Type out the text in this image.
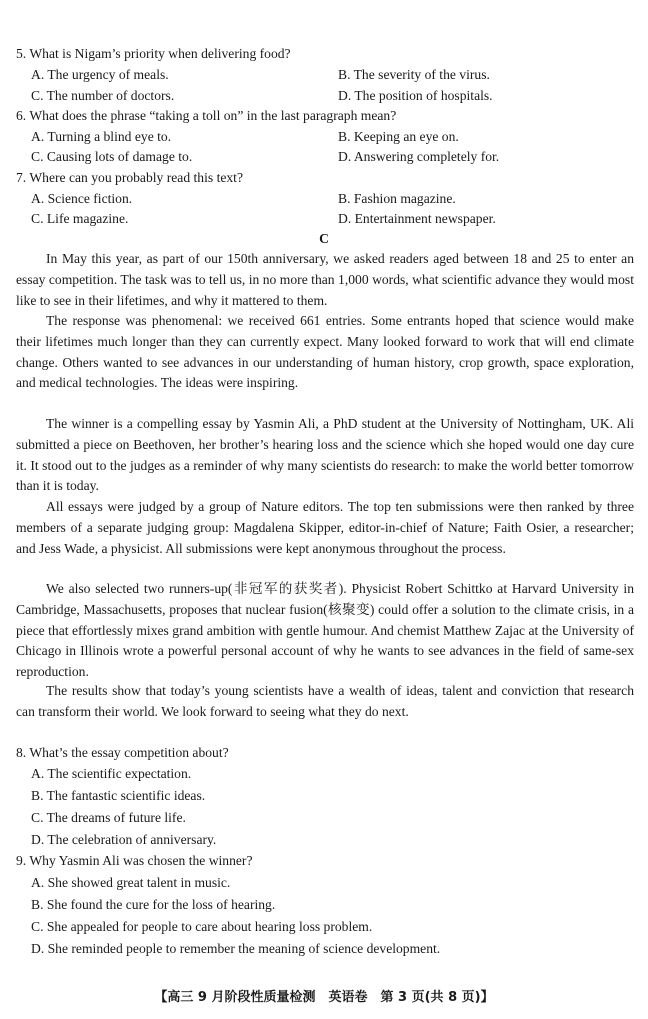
5. What is Nigam’s priority when delivering food?
A. The urgency of meals.	B. The severity of the virus.
C. The number of doctors.	D. The position of hospitals.
6. What does the phrase “taking a toll on” in the last paragraph mean?
A. Turning a blind eye to.	B. Keeping an eye on.
C. Causing lots of damage to.	D. Answering completely for.
7. Where can you probably read this text?
A. Science fiction.	B. Fashion magazine.
C. Life magazine.	D. Entertainment newspaper.
C
In May this year, as part of our 150th anniversary, we asked readers aged between 18 and 25 to enter an essay competition. The task was to tell us, in no more than 1,000 words, what scientific advance they would most like to see in their lifetimes, and why it mattered to them.
The response was phenomenal: we received 661 entries. Some entrants hoped that science would make their lifetimes much longer than they can currently expect. Many looked forward to work that will end climate change. Others wanted to see advances in our understanding of human history, crop growth, space exploration, and medical technologies. The ideas were inspiring.
The winner is a compelling essay by Yasmin Ali, a PhD student at the University of Nottingham, UK. Ali submitted a piece on Beethoven, her brother’s hearing loss and the science which she hoped would one day cure it. It stood out to the judges as a reminder of why many scientists do research: to make the world better tomorrow than it is today.
All essays were judged by a group of Nature editors. The top ten submissions were then ranked by three members of a separate judging group: Magdalena Skipper, editor-in-chief of Nature; Faith Osier, a researcher; and Jess Wade, a physicist. All submissions were kept anonymous throughout the process.
We also selected two runners-up(非冠军的获奖者). Physicist Robert Schittko at Harvard University in Cambridge, Massachusetts, proposes that nuclear fusion(核聚变) could offer a solution to the climate crisis, in a piece that effortlessly mixes grand ambition with gentle humour. And chemist Matthew Zajac at the University of Chicago in Illinois wrote a powerful personal account of why he wants to see advances in the field of same-sex reproduction.
The results show that today’s young scientists have a wealth of ideas, talent and conviction that research can transform their world. We look forward to seeing what they do next.
8. What’s the essay competition about?
A. The scientific expectation.
B. The fantastic scientific ideas.
C. The dreams of future life.
D. The celebration of anniversary.
9. Why Yasmin Ali was chosen the winner?
A. She showed great talent in music.
B. She found the cure for the loss of hearing.
C. She appealed for people to care about hearing loss problem.
D. She reminded people to remember the meaning of science development.
【高三 9 月阶段性质量检测　英语卷　第 3 页(共 8 页)】
